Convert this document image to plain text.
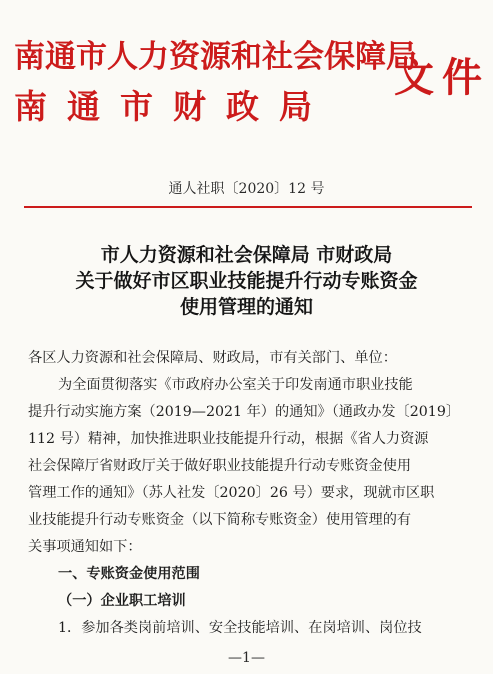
南通市人力资源和社会保障局
南通市财政局
文件
通人社职〔2020〕12 号
市人力资源和社会保障局 市财政局
关于做好市区职业技能提升行动专账资金
使用管理的通知
各区人力资源和社会保障局、财政局，市有关部门、单位：
为全面贯彻落实《市政府办公室关于印发南通市职业技能
提升行动实施方案（2019—2021 年）的通知》（通政办发〔2019〕
112 号）精神，加快推进职业技能提升行动，根据《省人力资源
社会保障厅省财政厅关于做好职业技能提升行动专账资金使用
管理工作的通知》（苏人社发〔2020〕26 号）要求，现就市区职
业技能提升行动专账资金（以下简称专账资金）使用管理的有
关事项通知如下：
一、专账资金使用范围
（一）企业职工培训
1．参加各类岗前培训、安全技能培训、在岗培训、岗位技
—1—
